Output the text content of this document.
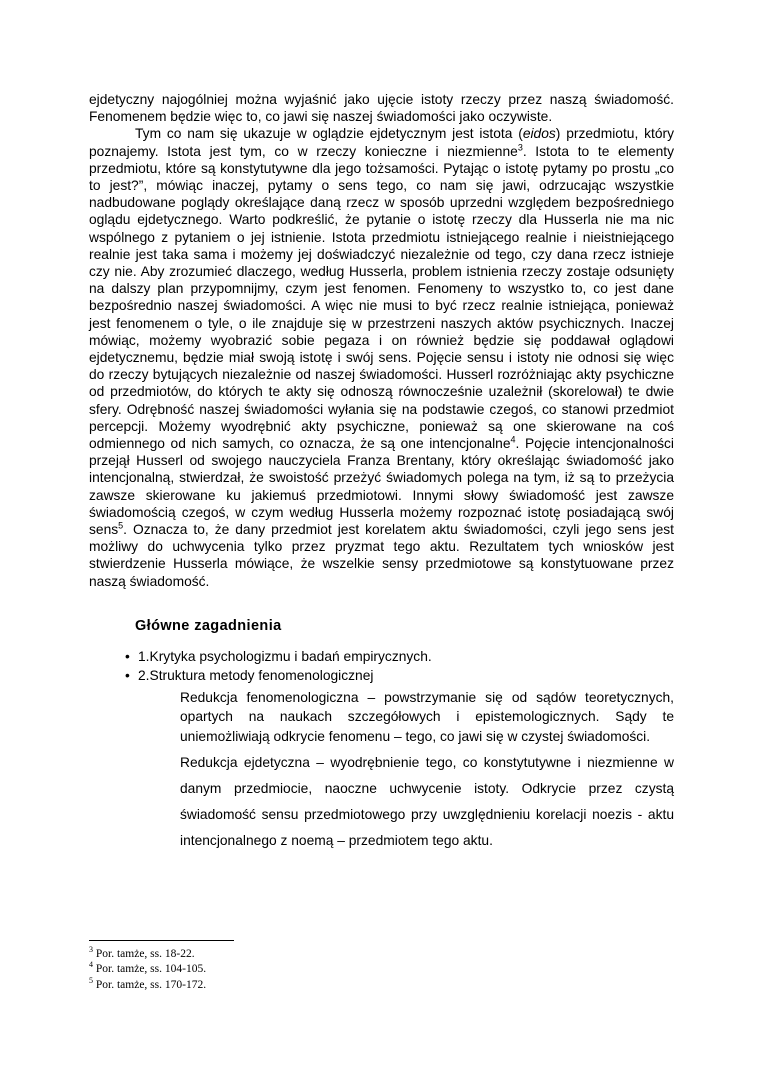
ejdetyczny najogólniej można wyjaśnić jako ujęcie istoty rzeczy przez naszą świadomość. Fenomenem będzie więc to, co jawi się naszej świadomości jako oczywiste.

Tym co nam się ukazuje w oglądzie ejdetycznym jest istota (eidos) przedmiotu, który poznajemy. Istota jest tym, co w rzeczy konieczne i niezmienne$^3$. Istota to te elementy przedmiotu, które są konstytutywne dla jego tożsamości. Pytając o istotę pytamy po prostu „co to jest?”, mówiąc inaczej, pytamy o sens tego, co nam się jawi, odrzucając wszystkie nadbudowane poglądy określające daną rzecz w sposób uprzedni względem bezpośredniego oglądu ejdetycznego. Warto podkreślić, że pytanie o istotę rzeczy dla Husserla nie ma nic wspólnego z pytaniem o jej istnienie. Istota przedmiotu istniejącego realnie i nieistniejącego realnie jest taka sama i możemy jej doświadczyć niezależnie od tego, czy dana rzecz istnieje czy nie. Aby zrozumieć dlaczego, według Husserla, problem istnienia rzeczy zostaje odsunięty na dalszy plan przypomnijmy, czym jest fenomen. Fenomeny to wszystko to, co jest dane bezpośrednio naszej świadomości. A więc nie musi to być rzecz realnie istniejąca, ponieważ jest fenomenem o tyle, o ile znajduje się w przestrzeni naszych aktów psychicznych. Inaczej mówiąc, możemy wyobrazić sobie pegaza i on również będzie się poddawał oglądowi ejdetycznemu, będzie miał swoją istotę i swój sens. Pojęcie sensu i istoty nie odnosi się więc do rzeczy bytujących niezależnie od naszej świadomości. Husserl rozróżniając akty psychiczne od przedmiotów, do których te akty się odnoszą równocześnie uzależnił (skorelował) te dwie sfery. Odrębność naszej świadomości wyłania się na podstawie czegoś, co stanowi przedmiot percepcji. Możemy wyodrębnić akty psychiczne, ponieważ są one skierowane na coś odmiennego od nich samych, co oznacza, że są one intencjonalne$^4$. Pojęcie intencjonalności przejął Husserl od swojego nauczyciela Franza Brentany, który określając świadomość jako intencjonalną, stwierdzał, że swoistość przeżyć świadomych polega na tym, iż są to przeżycia zawsze skierowane ku jakiemuś przedmiotowi. Innymi słowy świadomość jest zawsze świadomością czegoś, w czym według Husserla możemy rozpoznać istotę posiadającą swój sens$^5$. Oznacza to, że dany przedmiot jest korelatem aktu świadomości, czyli jego sens jest możliwy do uchwycenia tylko przez pryzmat tego aktu. Rezultatem tych wniosków jest stwierdzenie Husserla mówiące, że wszelkie sensy przedmiotowe są konstytuowane przez naszą świadomość.

Główne zagadnienia
• 1.Krytyka psychologizmu i badań empirycznych.
• 2.Struktura metody fenomenologicznej

Redukcja fenomenologiczna – powstrzymanie się od sądów teoretycznych, opartych na naukach szczegółowych i epistemologicznych. Sądy te uniemożliwiają odkrycie fenomenu – tego, co jawi się w czystej świadomości.

Redukcja ejdetyczna – wyodrębnienie tego, co konstytutywne i niezmienne w danym przedmiocie, naoczne uchwycenie istoty. Odkrycie przez czystą świadomość sensu przedmiotowego przy uwzględnieniu korelacji noezis - aktu intencjonalnego z noemą – przedmiotem tego aktu.

$^3$ Por. tamże, ss. 18-22.
$^4$ Por. tamże, ss. 104-105.
$^5$ Por. tamże, ss. 170-172.
